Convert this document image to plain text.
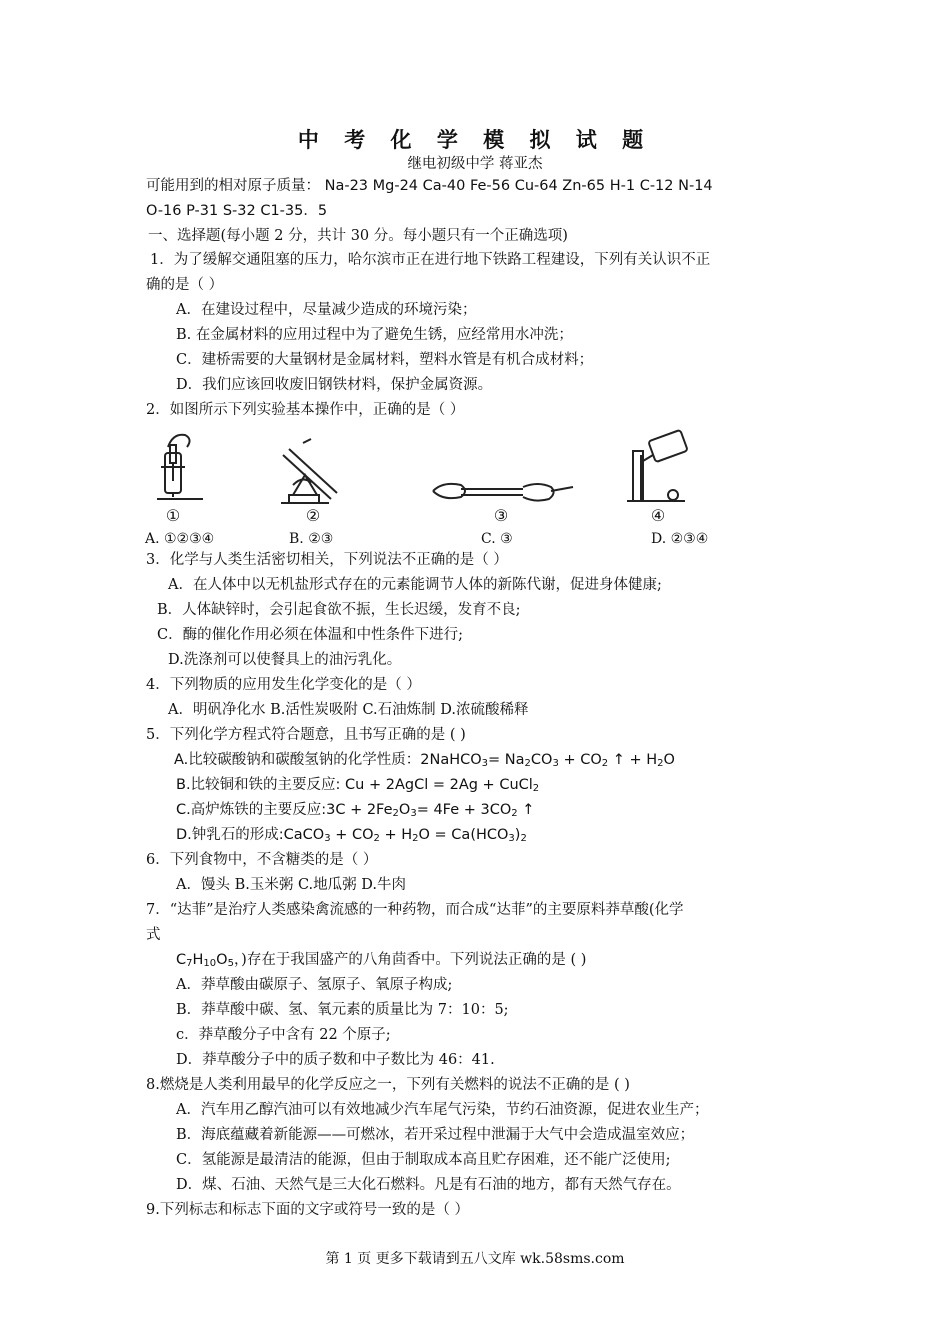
中 考 化 学 模 拟 试 题
继电初级中学 蒋亚杰
可能用到的相对原子质量： Na-23 Mg-24 Ca-40 Fe-56 Cu-64 Zn-65 H-1 C-12 N-14
O-16 P-31 S-32 C1-35．5
一、选择题(每小题 2 分，共计 30 分。每小题只有一个正确选项)
1．为了缓解交通阻塞的压力，哈尔滨市正在进行地下铁路工程建设，下列有关认识不正
确的是（ ）
A．在建设过程中，尽量减少造成的环境污染；
B. 在金属材料的应用过程中为了避免生锈，应经常用水冲洗；
C．建桥需要的大量钢材是金属材料，塑料水管是有机合成材料；
D．我们应该回收废旧钢铁材料，保护金属资源。
2．如图所示下列实验基本操作中，正确的是（ ）
①	②	③	④
A. ①②③④	B. ②③	C. ③	D. ②③④
3．化学与人类生活密切相关，下列说法不正确的是（ ）
A．在人体中以无机盐形式存在的元素能调节人体的新陈代谢，促进身体健康;
B．人体缺锌时，会引起食欲不振，生长迟缓，发育不良;
C．酶的催化作用必须在体温和中性条件下进行;
D.洗涤剂可以使餐具上的油污乳化。
4．下列物质的应用发生化学变化的是（ ）
A．明矾净化水 B.活性炭吸附 C.石油炼制 D.浓硫酸稀释
5．下列化学方程式符合题意，且书写正确的是 ( )
A.比较碳酸钠和碳酸氢钠的化学性质：2NaHCO$_3$= $Na_2CO_3 + CO_2$ ↑ + $H_2O$
B.比较铜和铁的主要反应: Cu + 2AgCl = 2Ag + CuCl$_2$
C.高炉炼铁的主要反应:3C + $2Fe_2O_3= 4Fe + 3CO_2$ ↑
D.钟乳石的形成:CaCO$_3$ + $CO_2 + H_2O = Ca(HCO_3)_2$
6．下列食物中，不含糖类的是（ ）
A．馒头 B.玉米粥 C.地瓜粥 D.牛肉
7．“达菲”是治疗人类感染禽流感的一种药物，而合成“达菲”的主要原料莽草酸(化学
式
$C_7H_{10}O_5$，)存在于我国盛产的八角茴香中。下列说法正确的是 ( )
A．莽草酸由碳原子、氢原子、氧原子构成;
B．莽草酸中碳、氢、氧元素的质量比为 7：10：5;
c．莽草酸分子中含有 22 个原子;
D．莽草酸分子中的质子数和中子数比为 46：41.
8.燃烧是人类利用最早的化学反应之一，下列有关燃料的说法不正确的是 ( )
A．汽车用乙醇汽油可以有效地减少汽车尾气污染，节约石油资源，促进农业生产；
B．海底蕴藏着新能源——可燃冰，若开采过程中泄漏于大气中会造成温室效应；
C．氢能源是最清洁的能源，但由于制取成本高且贮存困难，还不能广泛使用;
D．煤、石油、天然气是三大化石燃料。凡是有石油的地方，都有天然气存在。
9.下列标志和标志下面的文字或符号一致的是（ ）
第 1 页 更多下载请到五八文库 wk.58sms.com
